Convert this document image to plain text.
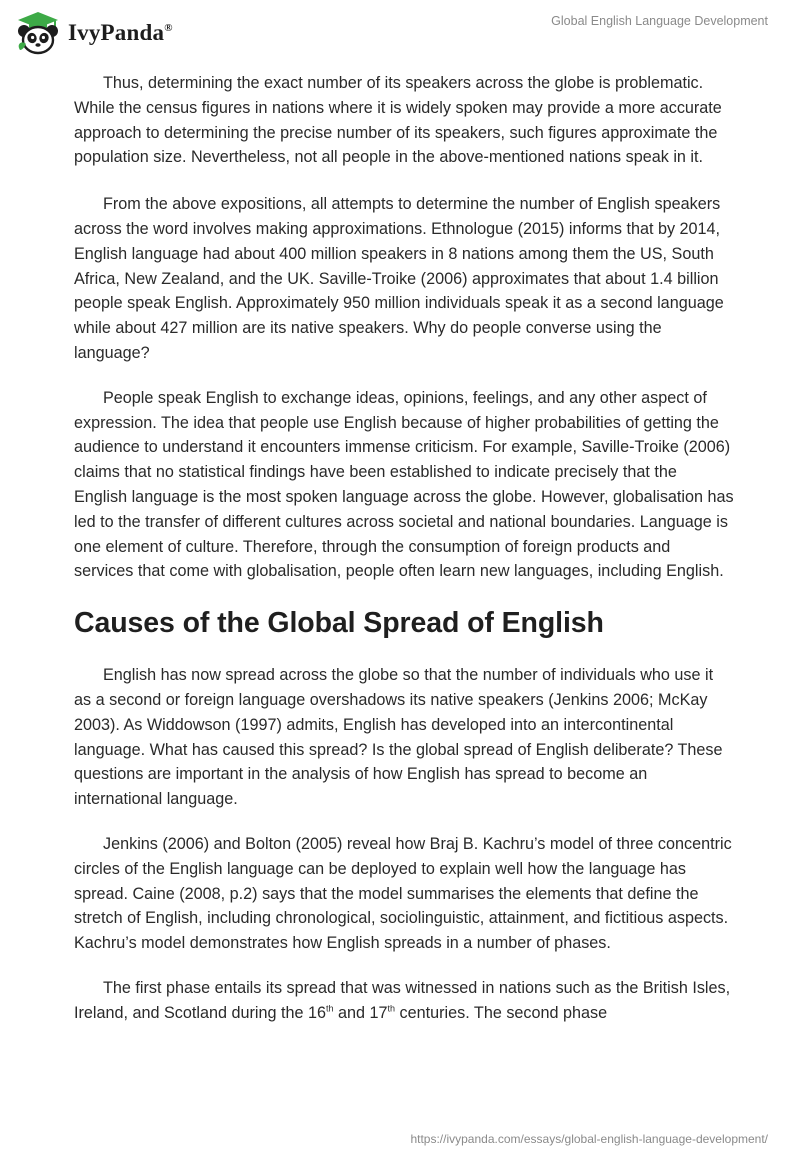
IvyPanda®	Global English Language Development

Thus, determining the exact number of its speakers across the globe is problematic. While the census figures in nations where it is widely spoken may provide a more accurate approach to determining the precise number of its speakers, such figures approximate the population size. Nevertheless, not all people in the above-mentioned nations speak in it.

From the above expositions, all attempts to determine the number of English speakers across the word involves making approximations. Ethnologue (2015) informs that by 2014, English language had about 400 million speakers in 8 nations among them the US, South Africa, New Zealand, and the UK. Saville-Troike (2006) approximates that about 1.4 billion people speak English. Approximately 950 million individuals speak it as a second language while about 427 million are its native speakers. Why do people converse using the language?

People speak English to exchange ideas, opinions, feelings, and any other aspect of expression. The idea that people use English because of higher probabilities of getting the audience to understand it encounters immense criticism. For example, Saville-Troike (2006) claims that no statistical findings have been established to indicate precisely that the English language is the most spoken language across the globe. However, globalisation has led to the transfer of different cultures across societal and national boundaries. Language is one element of culture. Therefore, through the consumption of foreign products and services that come with globalisation, people often learn new languages, including English.

Causes of the Global Spread of English

English has now spread across the globe so that the number of individuals who use it as a second or foreign language overshadows its native speakers (Jenkins 2006; McKay 2003). As Widdowson (1997) admits, English has developed into an intercontinental language. What has caused this spread? Is the global spread of English deliberate? These questions are important in the analysis of how English has spread to become an international language.

Jenkins (2006) and Bolton (2005) reveal how Braj B. Kachru’s model of three concentric circles of the English language can be deployed to explain well how the language has spread. Caine (2008, p.2) says that the model summarises the elements that define the stretch of English, including chronological, sociolinguistic, attainment, and fictitious aspects. Kachru’s model demonstrates how English spreads in a number of phases.

The first phase entails its spread that was witnessed in nations such as the British Isles, Ireland, and Scotland during the 16th and 17th centuries. The second phase

https://ivypanda.com/essays/global-english-language-development/
